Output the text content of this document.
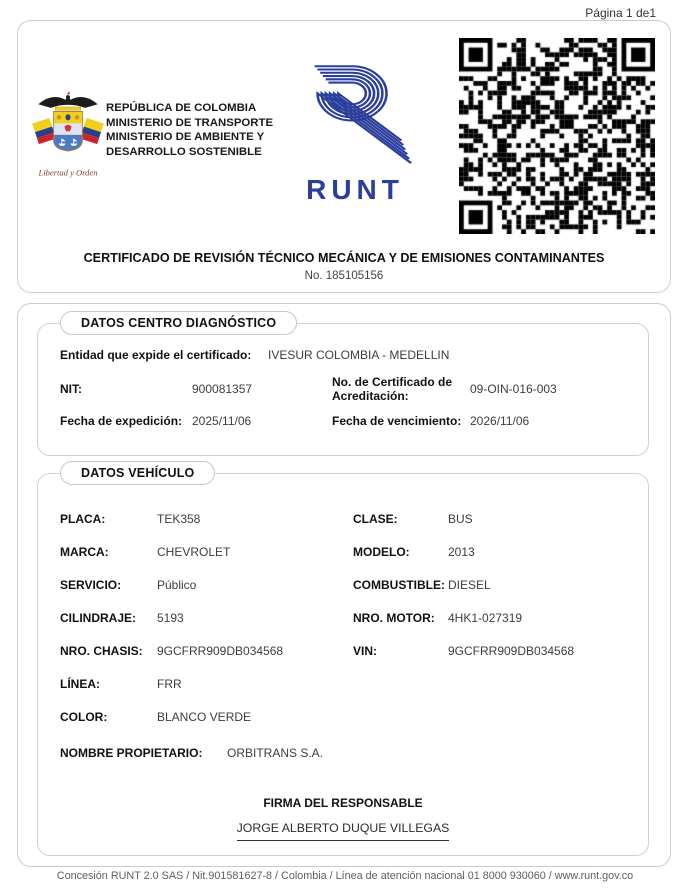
Página 1 de1
Libertad y Orden
REPÚBLICA DE COLOMBIA
MINISTERIO DE TRANSPORTE
MINISTERIO DE AMBIENTE Y
DESARROLLO SOSTENIBLE
RUNT
CERTIFICADO DE REVISIÓN TÉCNICO MECÁNICA Y DE EMISIONES CONTAMINANTES
No. 185105156
DATOS CENTRO DIAGNÓSTICO
Entidad que expide el certificado:	IVESUR COLOMBIA - MEDELLIN
NIT:	900081357	No. de Certificado de Acreditación:	09-OIN-016-003
Fecha de expedición: 2025/11/06	Fecha de vencimiento: 2026/11/06
DATOS VEHÍCULO
PLACA:	TEK358	CLASE:	BUS
MARCA:	CHEVROLET	MODELO:	2013
SERVICIO:	Público	COMBUSTIBLE: DIESEL
CILINDRAJE:	5193	NRO. MOTOR:	4HK1-027319
NRO. CHASIS:	9GCFRR909DB034568	VIN:	9GCFRR909DB034568
LÍNEA:	FRR
COLOR:	BLANCO VERDE
NOMBRE PROPIETARIO:	ORBITRANS S.A.
FIRMA DEL RESPONSABLE
JORGE ALBERTO DUQUE VILLEGAS
Concesión RUNT 2.0 SAS / Nit.901581627-8 / Colombia / Línea de atención nacional 01 8000 930060 / www.runt.gov.co
